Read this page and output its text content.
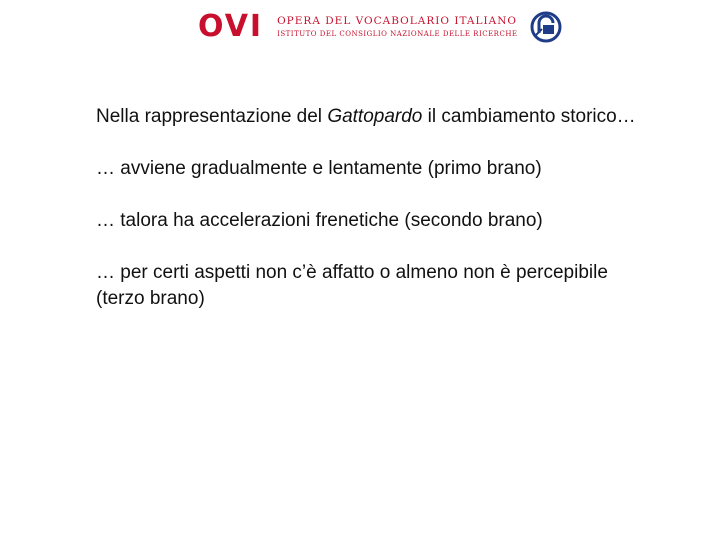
OVI OPERA DEL VOCABOLARIO ITALIANO
ISTITUTO DEL CONSIGLIO NAZIONALE DELLE RICERCHE

Nella rappresentazione del Gattopardo il cambiamento storico…

… avviene gradualmente e lentamente (primo brano)

… talora ha accelerazioni frenetiche (secondo brano)

… per certi aspetti non c’è affatto o almeno non è percepibile (terzo brano)
